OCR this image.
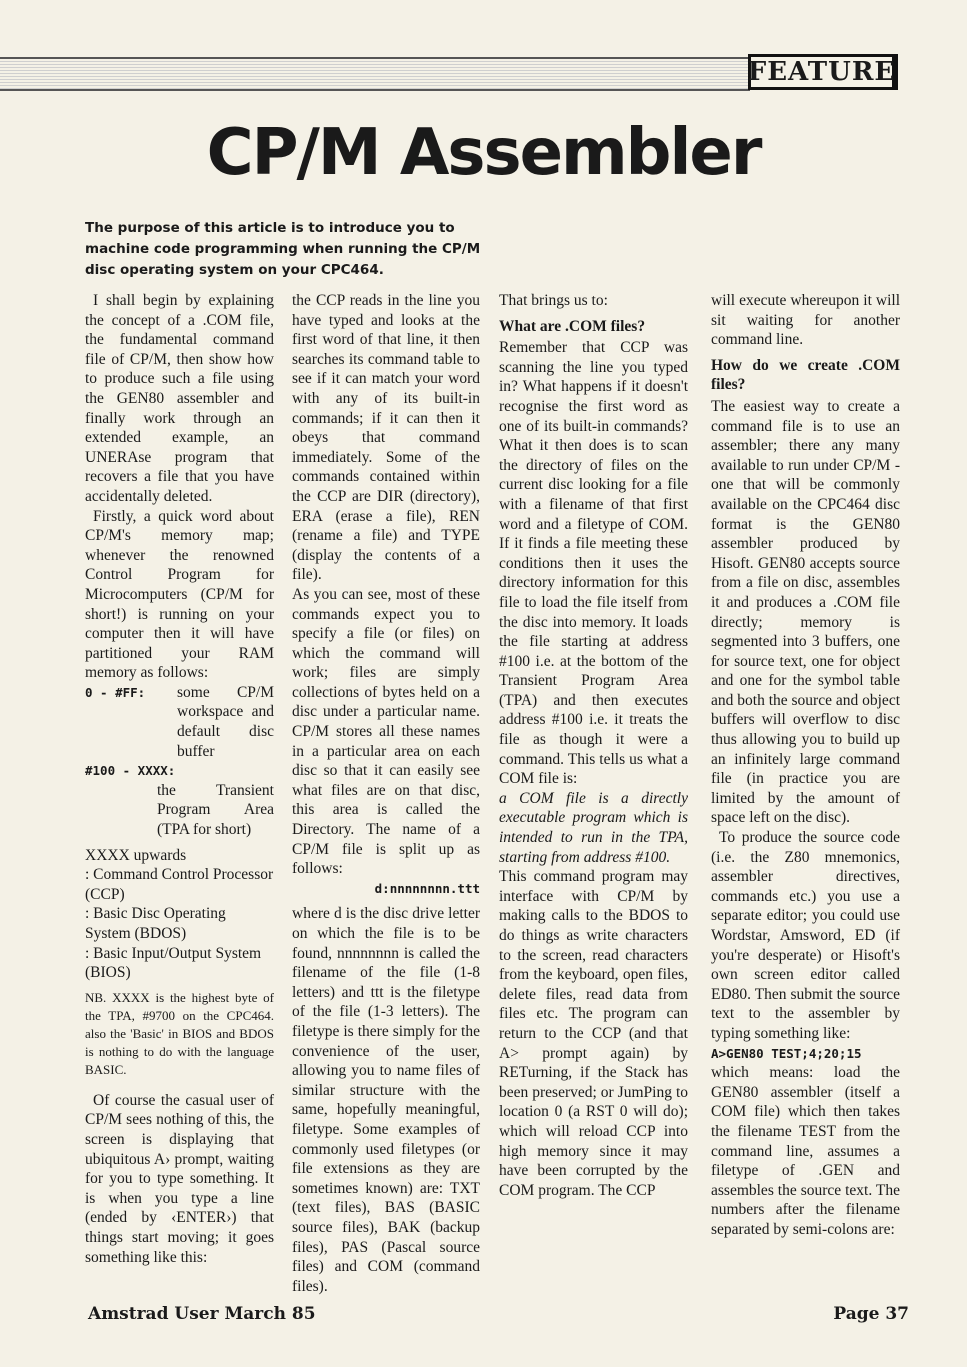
FEATURE
CP/M Assembler
The purpose of this article is to introduce you to machine code programming when running the CP/M disc operating system on your CPC464.

I shall begin by explaining the concept of a .COM file, the fundamental command file of CP/M, then show how to produce such a file using the GEN80 assembler and finally work through an extended example, an UNERAse program that recovers a file that you have accidentally deleted.

Firstly, a quick word about CP/M's memory map; whenever the renowned Control Program for Microcomputers (CP/M for short!) is running on your computer then it will have partitioned your RAM memory as follows:

0 - #FF:	some CP/M workspace and default disc buffer
#100 - XXXX:
the Transient Program Area (TPA for short)

XXXX upwards

: Command Control Processor (CCP)

: Basic Disc Operating System (BDOS)

: Basic Input/Output System (BIOS)

NB. XXXX is the highest byte of the TPA, #9700 on the CPC464. also the 'Basic' in BIOS and BDOS is nothing to do with the language BASIC.

Of course the casual user of CP/M sees nothing of this, the screen is displaying that ubiquitous A› prompt, waiting for you to type something. It is when you type a line (ended by ‹ENTER›) that things start moving; it goes something like this:

the CCP reads in the line you have typed and looks at the first word of that line, it then searches its command table to see if it can match your word with any of its built-in commands; if it can then it obeys that command immediately. Some of the commands contained within the CCP are DIR (directory), ERA (erase a file), REN (rename a file) and TYPE (display the contents of a file).

As you can see, most of these commands expect you to specify a file (or files) on which the command will work; files are simply collections of bytes held on a disc under a particular name. CP/M stores all these names in a particular area on each disc so that it can easily see what files are on that disc, this area is called the Directory. The name of a CP/M file is split up as follows:

d:nnnnnnnn.ttt

where d is the disc drive letter on which the file is to be found, nnnnnnnn is called the filename of the file (1-8 letters) and ttt is the filetype of the file (1-3 letters). The filetype is there simply for the convenience of the user, allowing you to name files of similar structure with the same, hopefully meaningful, filetype. Some examples of commonly used filetypes (or file extensions as they are sometimes known) are: TXT (text files), BAS (BASIC source files), BAK (backup files), PAS (Pascal source files) and COM (command files).

That brings us to:

What are .COM files?

Remember that CCP was scanning the line you typed in? What happens if it doesn't recognise the first word as one of its built-in commands? What it then does is to scan the directory of files on the current disc looking for a file with a filename of that first word and a filetype of COM. If it finds a file meeting these conditions then it uses the directory information for this file to load the file itself from the disc into memory. It loads the file starting at address #100 i.e. at the bottom of the Transient Program Area (TPA) and then executes address #100 i.e. it treats the file as though it were a command. This tells us what a COM file is:

a COM file is a directly executable program which is intended to run in the TPA, starting from address #100.

This command program may interface with CP/M by making calls to the BDOS to do things as write characters to the screen, read characters from the keyboard, open files, delete files, read data from files etc. The program can return to the CCP (and that A> prompt again) by RETurning, if the Stack has been preserved; or JumPing to location 0 (a RST 0 will do); which will reload CCP into high memory since it may have been corrupted by the COM program. The CCP

will execute whereupon it will sit waiting for another command line.

How do we create .COM files?

The easiest way to create a command file is to use an assembler; there any many available to run under CP/M - one that will be commonly available on the CPC464 disc format is the GEN80 assembler produced by Hisoft. GEN80 accepts source from a file on disc, assembles it and produces a .COM file directly; memory is segmented into 3 buffers, one for source text, one for object and one for the symbol table and both the source and object buffers will overflow to disc thus allowing you to build up an infinitely large command file (in practice you are limited by the amount of space left on the disc).

To produce the source code (i.e. the Z80 mnemonics, assembler directives, commands etc.) you use a separate editor; you could use Wordstar, Amsword, ED (if you're desperate) or Hisoft's own screen editor called ED80. Then submit the source text to the assembler by typing something like:

A>GEN80 TEST;4;20;15

which means: load the GEN80 assembler (itself a COM file) which then takes the filename TEST from the command line, assumes a filetype of .GEN and assembles the source text. The numbers after the filename separated by semi-colons are:

Amstrad User March 85	Page 37
